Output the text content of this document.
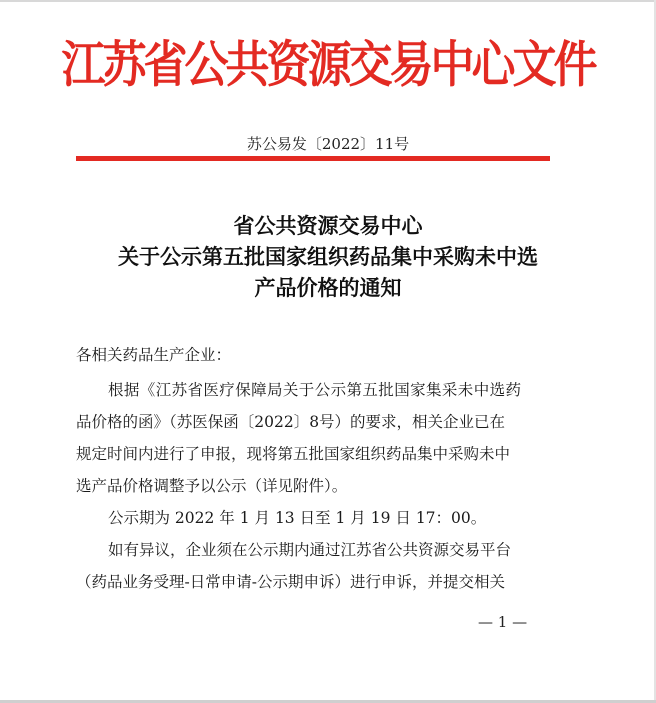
江苏省公共资源交易中心文件
苏公易发〔2022〕11号
省公共资源交易中心
关于公示第五批国家组织药品集中采购未中选
产品价格的通知
各相关药品生产企业：
根据《江苏省医疗保障局关于公示第五批国家集采未中选药
品价格的函》（苏医保函〔2022〕8号）的要求，相关企业已在
规定时间内进行了申报，现将第五批国家组织药品集中采购未中
选产品价格调整予以公示（详见附件）。
公示期为 2022 年 1 月 13 日至 1 月 19 日 17：00。
如有异议，企业须在公示期内通过江苏省公共资源交易平台
（药品业务受理-日常申请-公示期申诉）进行申诉，并提交相关
— 1 —
